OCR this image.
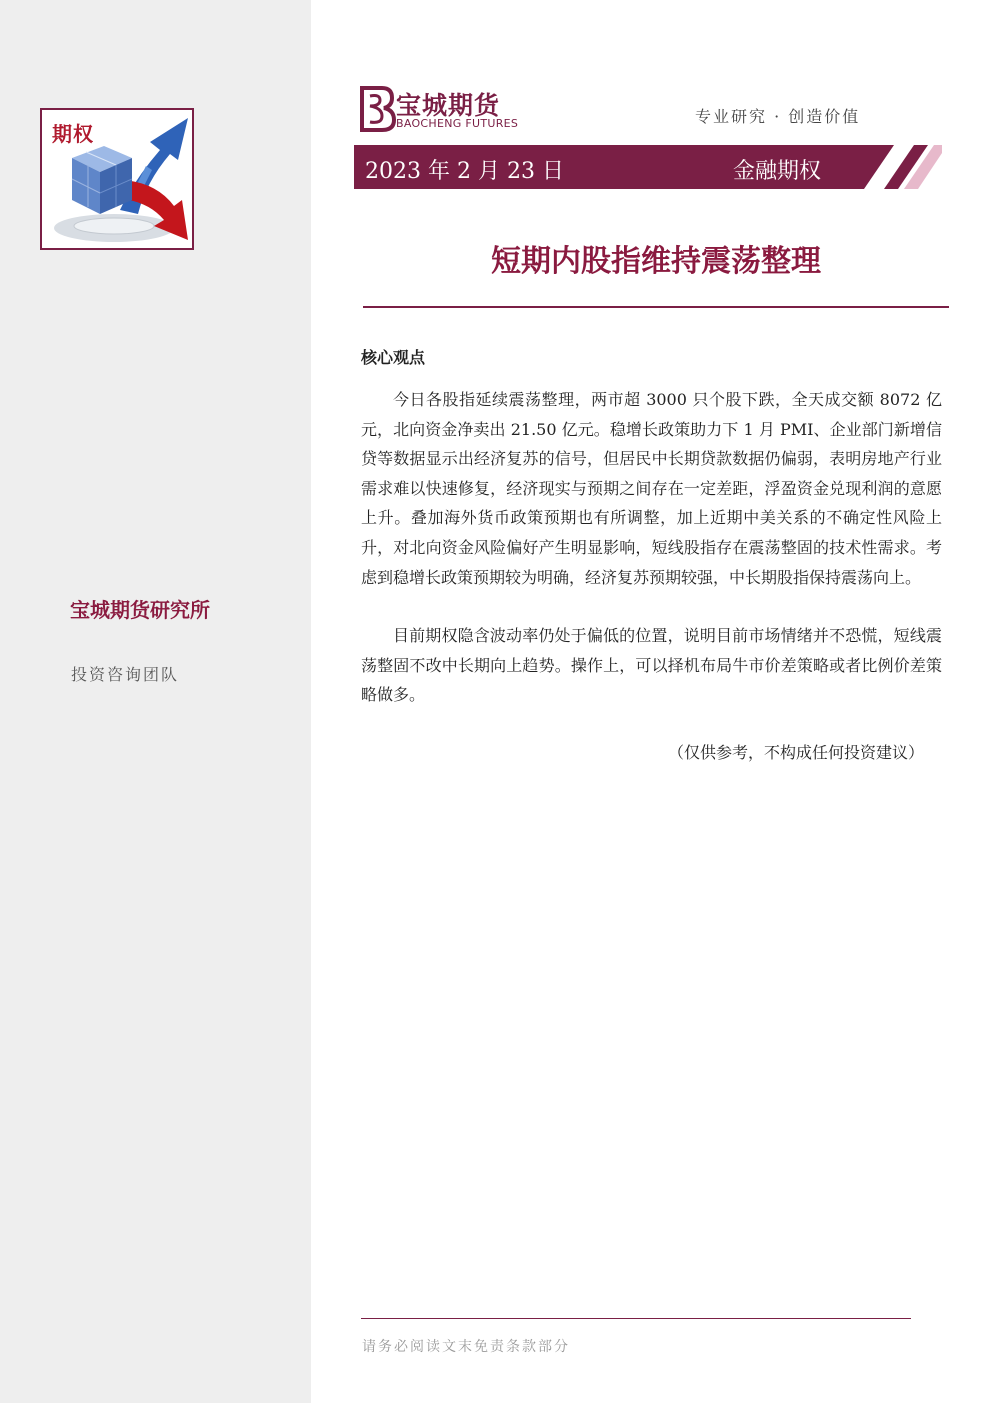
期权
宝城期货研究所
投资咨询团队
宝城期货
BAOCHENG FUTURES	专业研究 · 创造价值
2023 年 2 月 23 日	金融期权
短期内股指维持震荡整理
核心观点

今日各股指延续震荡整理，两市超 3000 只个股下跌，全天成交额 8072 亿元，北向资金净卖出 21.50 亿元。稳增长政策助力下 1 月 PMI、企业部门新增信贷等数据显示出经济复苏的信号，但居民中长期贷款数据仍偏弱，表明房地产行业需求难以快速修复，经济现实与预期之间存在一定差距，浮盈资金兑现利润的意愿上升。叠加海外货币政策预期也有所调整，加上近期中美关系的不确定性风险上升，对北向资金风险偏好产生明显影响，短线股指存在震荡整固的技术性需求。考虑到稳增长政策预期较为明确，经济复苏预期较强，中长期股指保持震荡向上。

目前期权隐含波动率仍处于偏低的位置，说明目前市场情绪并不恐慌，短线震荡整固不改中长期向上趋势。操作上，可以择机布局牛市价差策略或者比例价差策略做多。

（仅供参考，不构成任何投资建议）
请务必阅读文末免责条款部分
